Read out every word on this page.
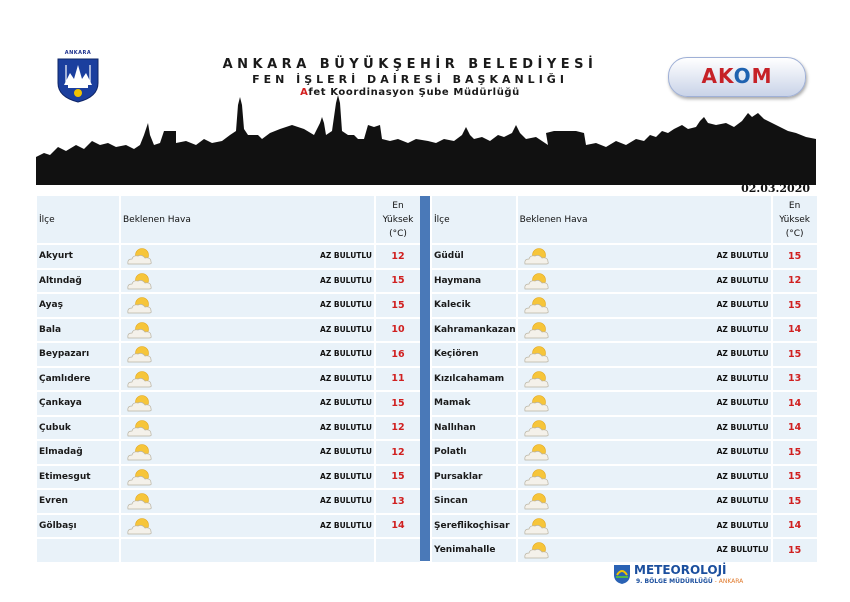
ANKARA
ANKARA BÜYÜKŞEHİR BELEDİYESİ
FEN İŞLERİ DAİRESİ BAŞKANLIĞI
Afet Koordinasyon Şube Müdürlüğü
AKOM
02.03.2020
İlçe	Beklenen Hava	En
Yüksek
(°C)

Akyurt	AZ BULUTLU	12
Altındağ	AZ BULUTLU	15
Ayaş	AZ BULUTLU	15
Bala	AZ BULUTLU	10
Beypazarı	AZ BULUTLU	16
Çamlıdere	AZ BULUTLU	11
Çankaya	AZ BULUTLU	15
Çubuk	AZ BULUTLU	12
Elmadağ	AZ BULUTLU	12
Etimesgut	AZ BULUTLU	15
Evren	AZ BULUTLU	13
Gölbaşı	AZ BULUTLU	14

İlçe	Beklenen Hava	En
Yüksek
(°C)

Güdül	AZ BULUTLU	15
Haymana	AZ BULUTLU	12
Kalecik	AZ BULUTLU	15
Kahramankazan	AZ BULUTLU	14
Keçiören	AZ BULUTLU	15
Kızılcahamam	AZ BULUTLU	13
Mamak	AZ BULUTLU	14
Nallıhan	AZ BULUTLU	14
Polatlı	AZ BULUTLU	15
Pursaklar	AZ BULUTLU	15
Sincan	AZ BULUTLU	15
Şereflikoçhisar	AZ BULUTLU	14
Yenimahalle	AZ BULUTLU	15
METEOROLOJİ
9. BÖLGE MÜDÜRLÜĞÜ - ANKARA
